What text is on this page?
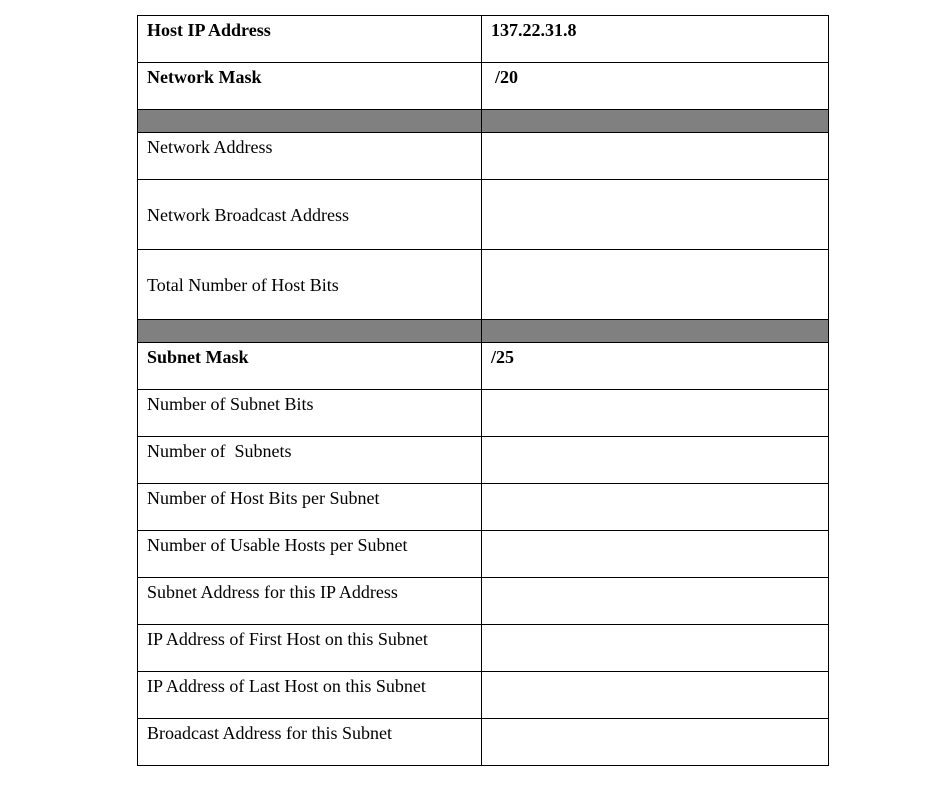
Host IP Address	137.22.31.8
Network Mask	/20

Network Address	
Network Broadcast Address	
Total Number of Host Bits	

Subnet Mask	/25
Number of Subnet Bits	
Number of  Subnets	
Number of Host Bits per Subnet	
Number of Usable Hosts per Subnet	
Subnet Address for this IP Address	
IP Address of First Host on this Subnet	
IP Address of Last Host on this Subnet	
Broadcast Address for this Subnet	
